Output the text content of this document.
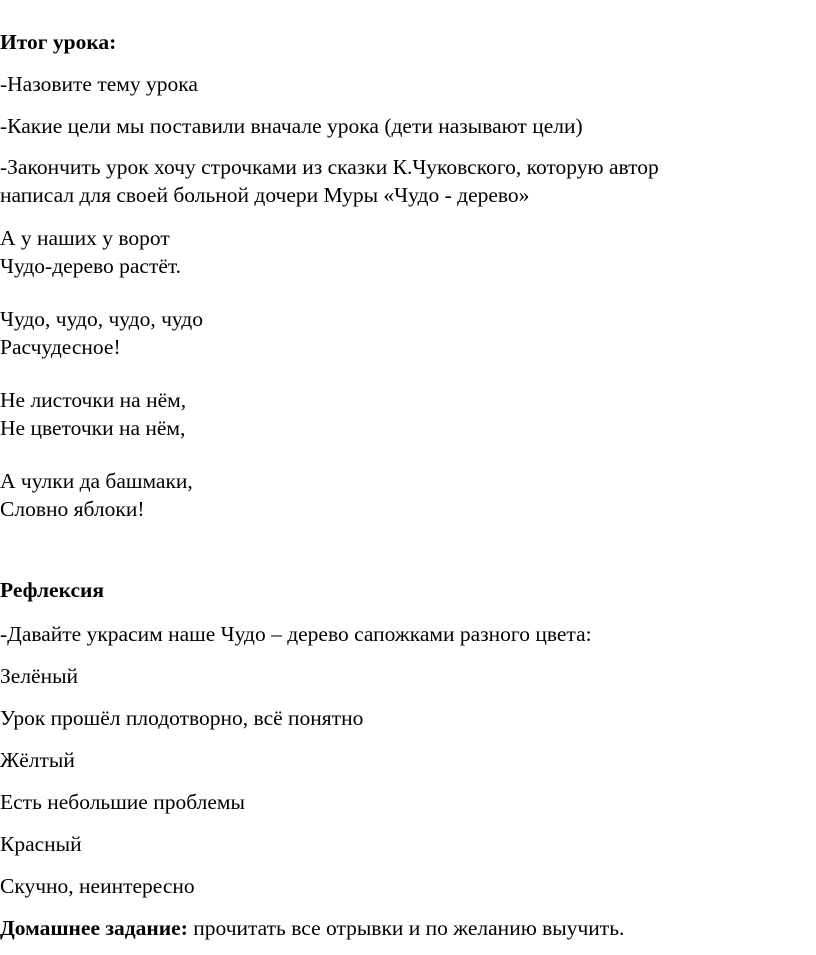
Итог урока:
-Назовите тему урока
-Какие цели мы поставили вначале урока (дети называют цели)
-Закончить урок хочу строчками из сказки К.Чуковского, которую автор
написал для своей больной дочери Муры «Чудо - дерево»
А у наших у ворот
Чудо-дерево растёт.
Чудо, чудо, чудо, чудо
Расчудесное!
Не листочки на нём,
Не цветочки на нём,
А чулки да башмаки,
Словно яблоки!
Рефлексия
-Давайте украсим наше Чудо – дерево сапожками разного цвета:
Зелёный
Урок прошёл плодотворно, всё понятно
Жёлтый
Есть небольшие проблемы
Красный
Скучно, неинтересно
Домашнее задание: прочитать все отрывки и по желанию выучить.
